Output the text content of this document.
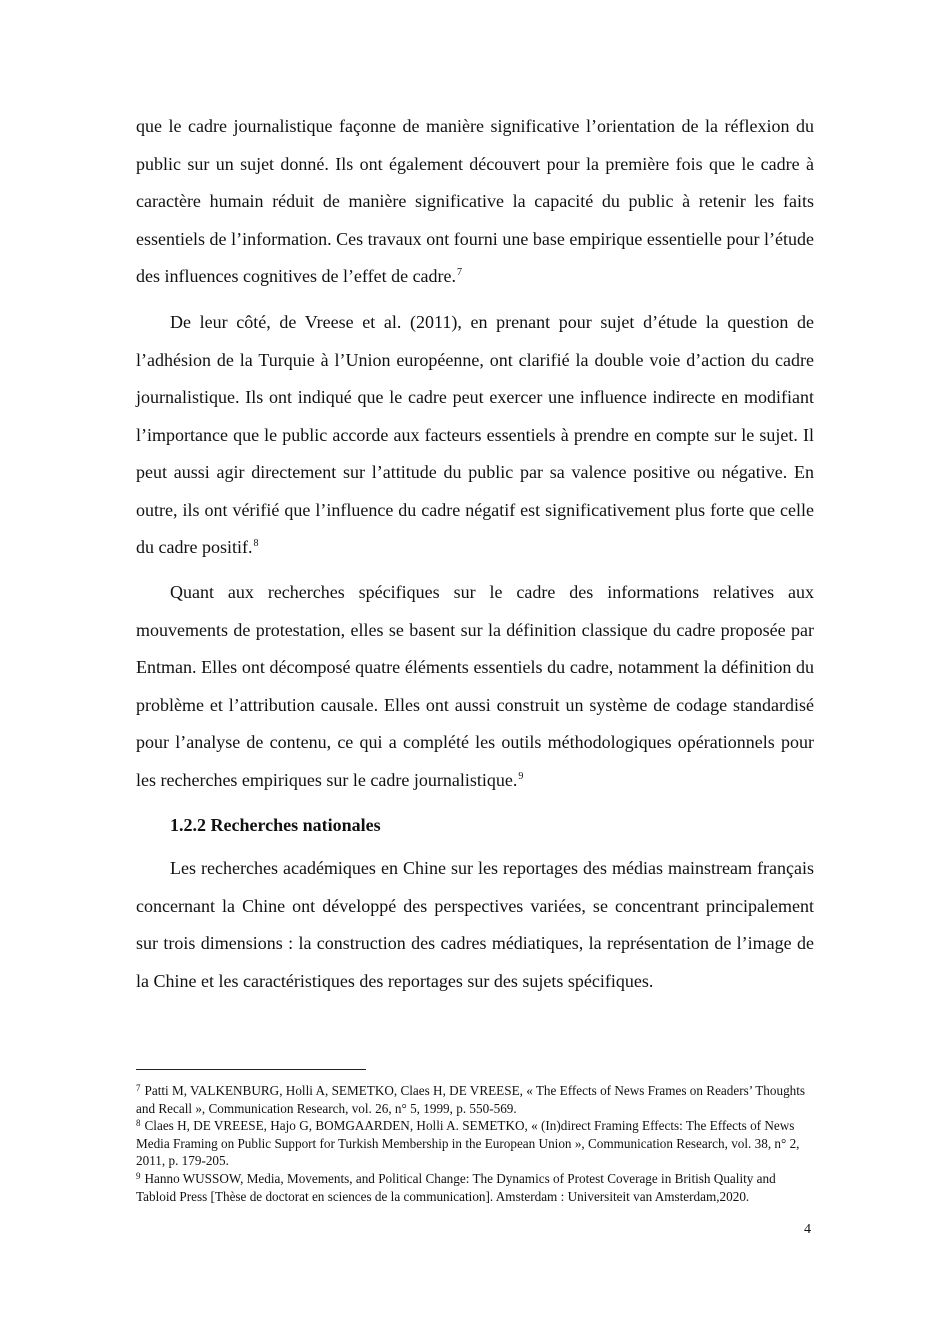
que le cadre journalistique façonne de manière significative l’orientation de la réflexion du public sur un sujet donné. Ils ont également découvert pour la première fois que le cadre à caractère humain réduit de manière significative la capacité du public à retenir les faits essentiels de l’information. Ces travaux ont fourni une base empirique essentielle pour l’étude des influences cognitives de l’effet de cadre.$^7$

De leur côté, de Vreese et al. (2011), en prenant pour sujet d’étude la question de l’adhésion de la Turquie à l’Union européenne, ont clarifié la double voie d’action du cadre journalistique. Ils ont indiqué que le cadre peut exercer une influence indirecte en modifiant l’importance que le public accorde aux facteurs essentiels à prendre en compte sur le sujet. Il peut aussi agir directement sur l’attitude du public par sa valence positive ou négative. En outre, ils ont vérifié que l’influence du cadre négatif est significativement plus forte que celle du cadre positif.$^8$

Quant aux recherches spécifiques sur le cadre des informations relatives aux mouvements de protestation, elles se basent sur la définition classique du cadre proposée par Entman. Elles ont décomposé quatre éléments essentiels du cadre, notamment la définition du problème et l’attribution causale. Elles ont aussi construit un système de codage standardisé pour l’analyse de contenu, ce qui a complété les outils méthodologiques opérationnels pour les recherches empiriques sur le cadre journalistique.$^9$

1.2.2 Recherches nationales

Les recherches académiques en Chine sur les reportages des médias mainstream français concernant la Chine ont développé des perspectives variées, se concentrant principalement sur trois dimensions : la construction des cadres médiatiques, la représentation de l’image de la Chine et les caractéristiques des reportages sur des sujets spécifiques.

$^7$ Patti M, VALKENBURG, Holli A, SEMETKO, Claes H, DE VREESE, « The Effects of News Frames on Readers’ Thoughts and Recall », Communication Research, vol. 26, n° 5, 1999, p. 550-569.

$^8$ Claes H, DE VREESE, Hajo G, BOMGAARDEN, Holli A. SEMETKO, « (In)direct Framing Effects: The Effects of News Media Framing on Public Support for Turkish Membership in the European Union », Communication Research, vol. 38, n° 2, 2011, p. 179-205.

$^9$ Hanno WUSSOW, Media, Movements, and Political Change: The Dynamics of Protest Coverage in British Quality and Tabloid Press [Thèse de doctorat en sciences de la communication]. Amsterdam : Universiteit van Amsterdam,2020.

4
